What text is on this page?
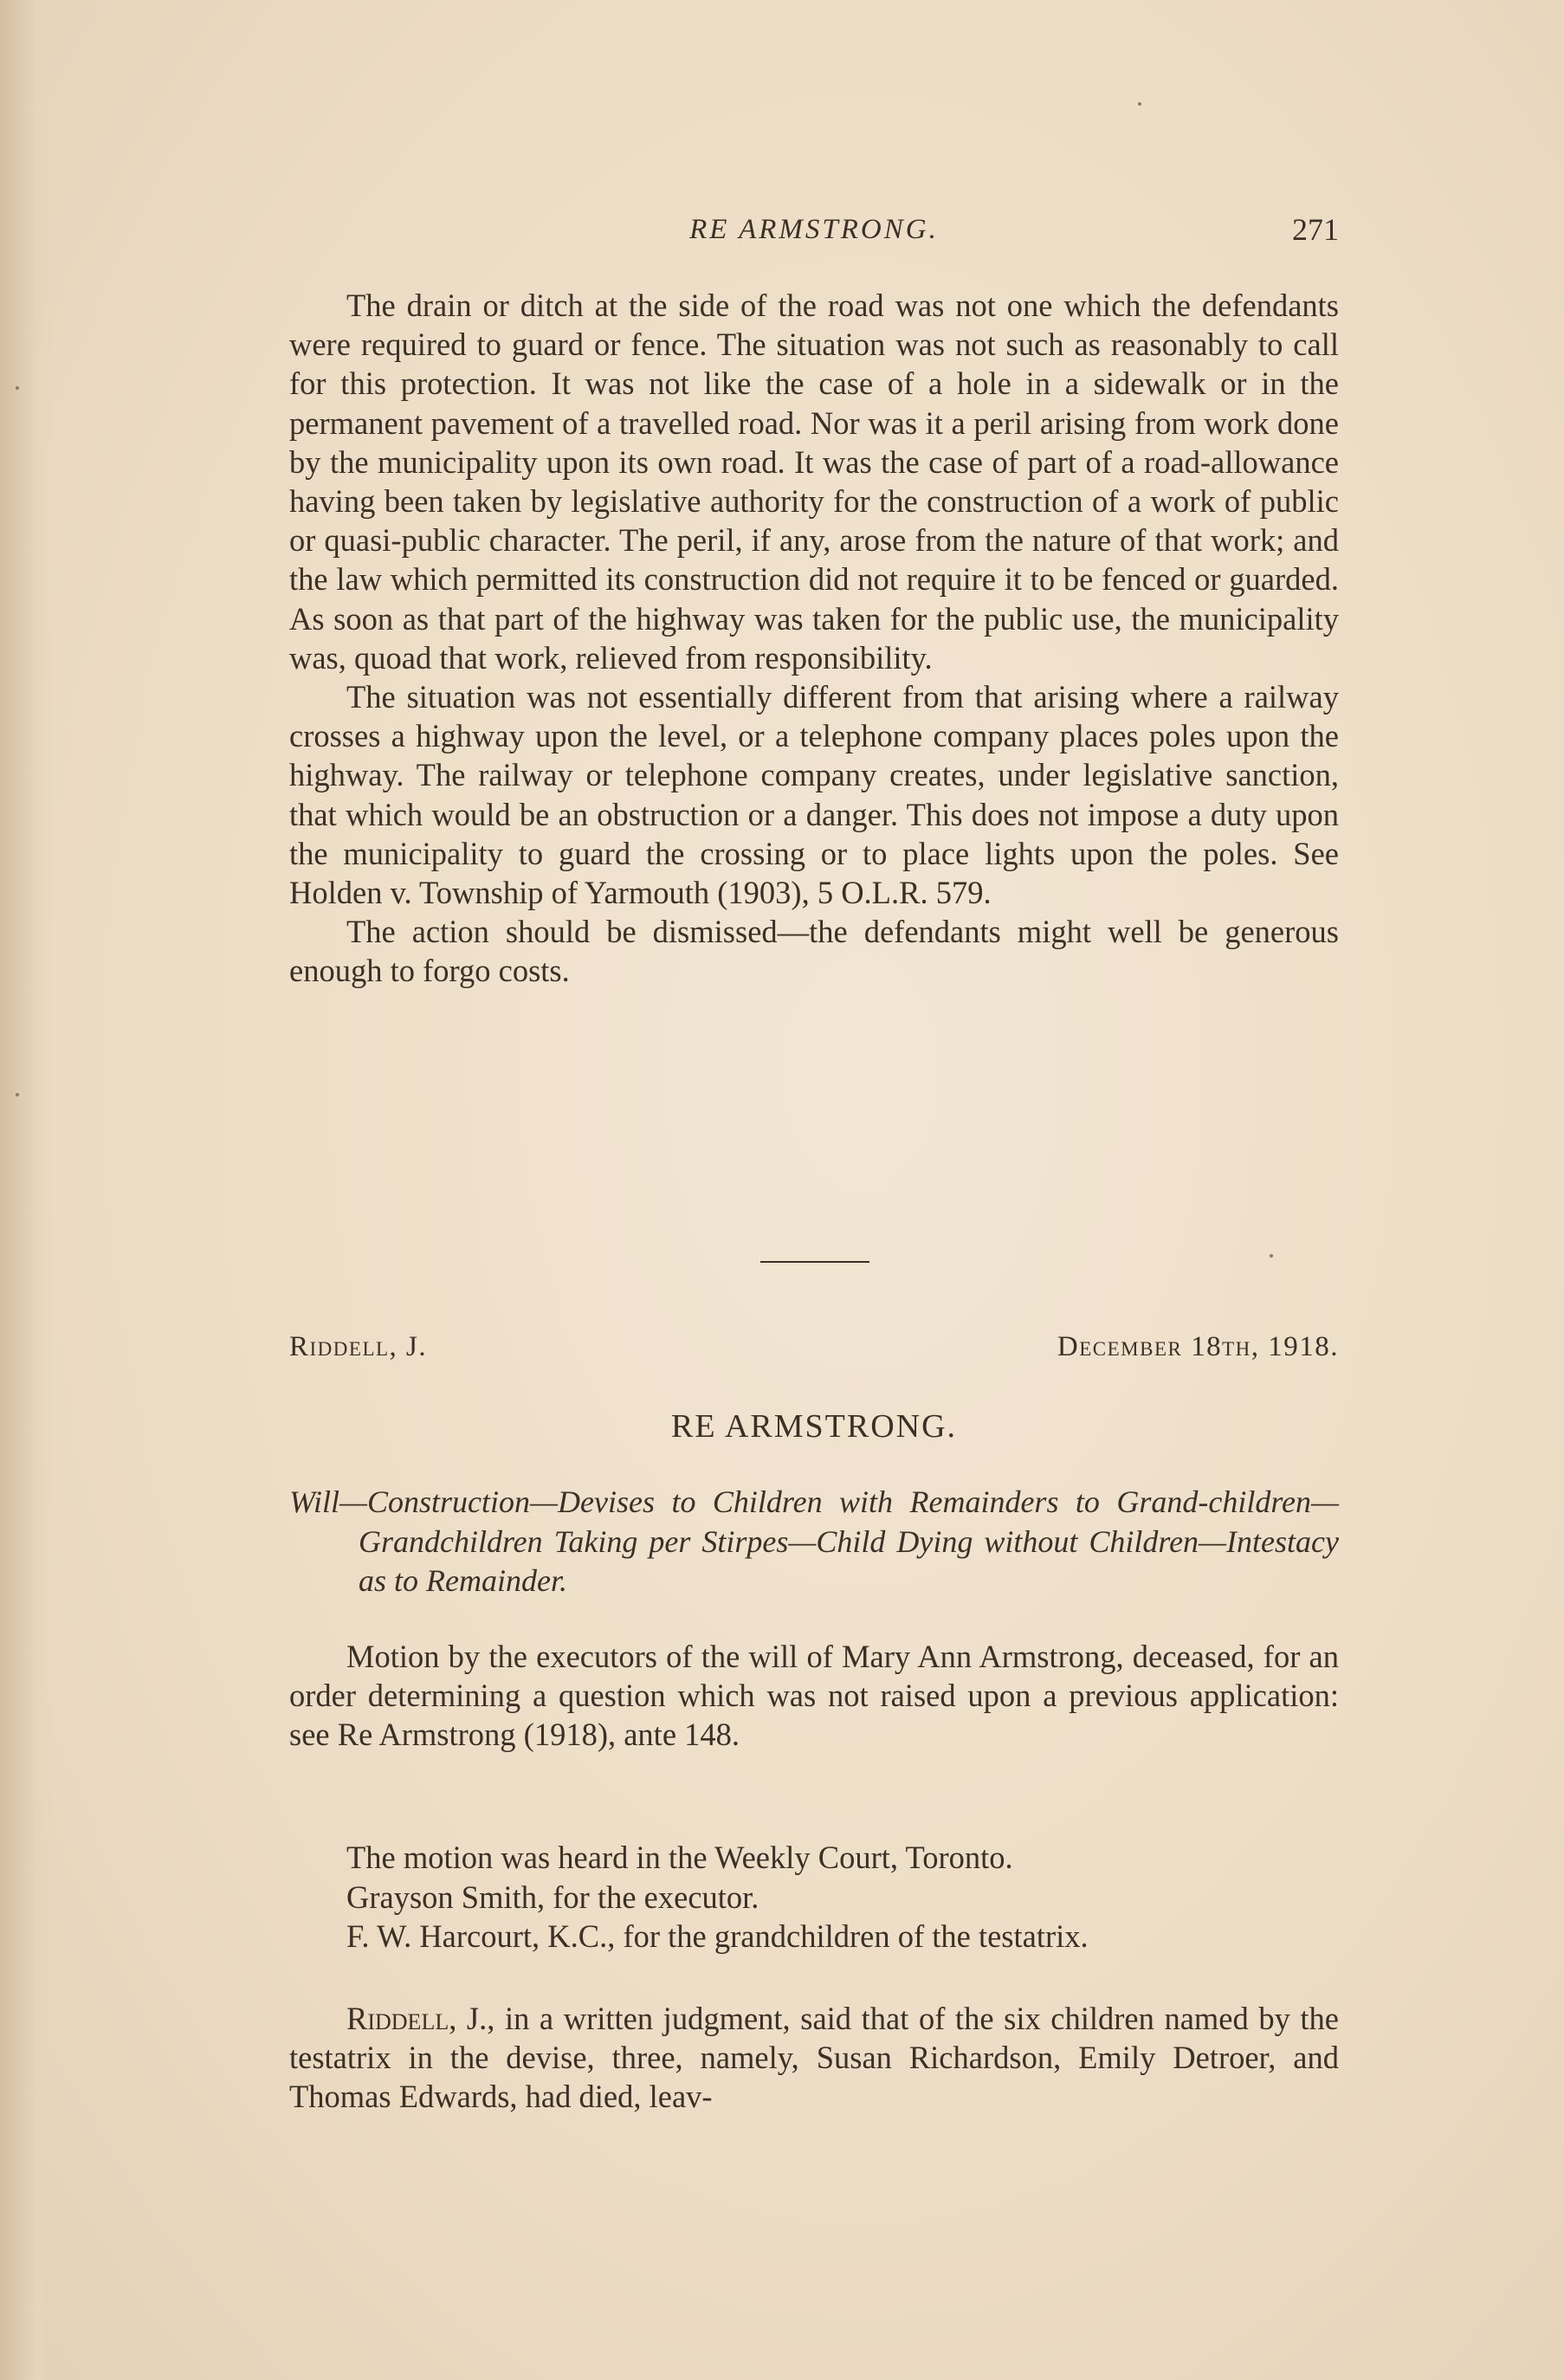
RE ARMSTRONG.	271

The drain or ditch at the side of the road was not one which the defendants were required to guard or fence. The situation was not such as reasonably to call for this protection. It was not like the case of a hole in a sidewalk or in the permanent pavement of a travelled road. Nor was it a peril arising from work done by the municipality upon its own road. It was the case of part of a road-allowance having been taken by legislative authority for the construction of a work of public or quasi-public character. The peril, if any, arose from the nature of that work; and the law which permitted its construction did not require it to be fenced or guarded. As soon as that part of the highway was taken for the public use, the municipality was, quoad that work, relieved from responsibility.

The situation was not essentially different from that arising where a railway crosses a highway upon the level, or a telephone company places poles upon the highway. The railway or telephone company creates, under legislative sanction, that which would be an obstruction or a danger. This does not impose a duty upon the municipality to guard the crossing or to place lights upon the poles. See Holden v. Township of Yarmouth (1903), 5 O.L.R. 579.

The action should be dismissed—the defendants might well be generous enough to forgo costs.

Riddell, J.	December 18th, 1918.
RE ARMSTRONG.
Will—Construction—Devises to Children with Remainders to Grand-children—Grandchildren Taking per Stirpes—Child Dying without Children—Intestacy as to Remainder.

Motion by the executors of the will of Mary Ann Armstrong, deceased, for an order determining a question which was not raised upon a previous application: see Re Armstrong (1918), ante 148.

The motion was heard in the Weekly Court, Toronto.
Grayson Smith, for the executor.
F. W. Harcourt, K.C., for the grandchildren of the testatrix.

Riddell, J., in a written judgment, said that of the six children named by the testatrix in the devise, three, namely, Susan Richardson, Emily Detroer, and Thomas Edwards, had died, leav-
